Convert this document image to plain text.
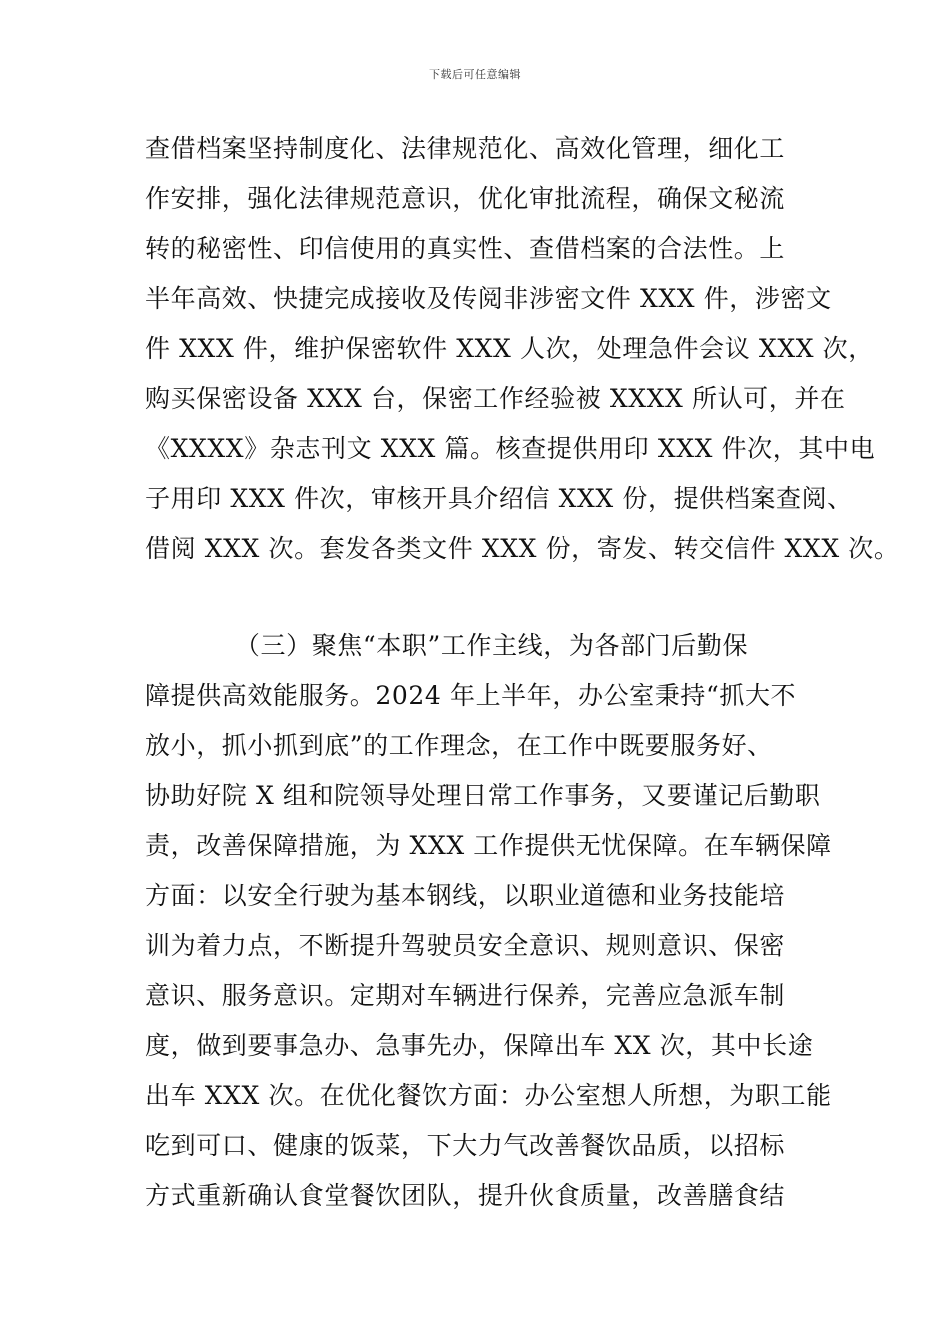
下载后可任意编辑
查借档案坚持制度化、法律规范化、高效化管理，细化工
作安排，强化法律规范意识，优化审批流程，确保文秘流
转的秘密性、印信使用的真实性、查借档案的合法性。上
半年高效、快捷完成接收及传阅非涉密文件 XXX 件，涉密文
件 XXX 件，维护保密软件 XXX 人次，处理急件会议 XXX 次，
购买保密设备 XXX 台，保密工作经验被 XXXX 所认可，并在
《XXXX》杂志刊文 XXX 篇。核查提供用印 XXX 件次，其中电
子用印 XXX 件次，审核开具介绍信 XXX 份，提供档案查阅、
借阅 XXX 次。套发各类文件 XXX 份，寄发、转交信件 XXX 次。
　　　　（三）聚焦“本职”工作主线，为各部门后勤保
障提供高效能服务。2024 年上半年，办公室秉持“抓大不
放小，抓小抓到底”的工作理念，在工作中既要服务好、
协助好院 X 组和院领导处理日常工作事务，又要谨记后勤职
责，改善保障措施，为 XXX 工作提供无忧保障。在车辆保障
方面：以安全行驶为基本钢线，以职业道德和业务技能培
训为着力点，不断提升驾驶员安全意识、规则意识、保密
意识、服务意识。定期对车辆进行保养，完善应急派车制
度，做到要事急办、急事先办，保障出车 XX 次，其中长途
出车 XXX 次。在优化餐饮方面：办公室想人所想，为职工能
吃到可口、健康的饭菜，下大力气改善餐饮品质，以招标
方式重新确认食堂餐饮团队，提升伙食质量，改善膳食结
